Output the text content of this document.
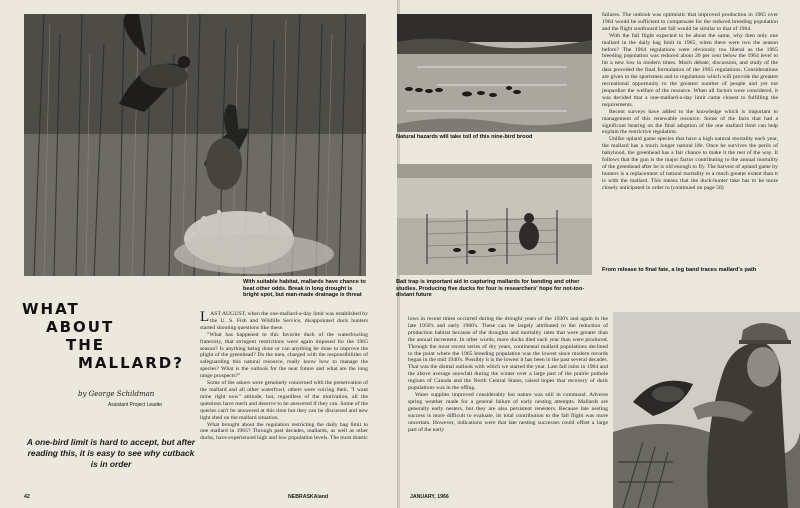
With suitable habitat, mallards have chance to beat other odds. Break in long drought is bright spot, but man-made drainage is threat
WHAT
ABOUT
THE
MALLARD?
by George Schildman
Assistant Project Leader
A one-bird limit is hard to accept, but after reading this, it is easy to see why cutback is in order

LAST AUGUST, when the one-mallard-a-day limit was established by the U. S. Fish and Wildlife Service, disappointed duck hunters started shooting questions like these.

"What has happened to this favorite duck of the waterfowling fraternity, that stringent restrictions were again imposed for the 1965 season? Is anything being done or can anything be done to improve the plight of the greenhead? Do the men, charged with the responsibilities of safeguarding this natural resource, really know how to manage the species? What is the outlook for the near future and what are the long range prospects?"

Some of the askers were genuinely concerned with the preservation of the mallard and all other waterfowl, others were voicing their, "I want mine right now" attitude, but, regardless of the motivation, all the questions have merit and deserve to be answered if they can. Some of the queries can't be answered at this time but they can be discussed and new light shed on the mallard situation.

What brought about the regulation restricting the daily bag limit to one mallard in 1965? Through past decades, mallards, as well as other ducks, have experienced high and low population levels. The most drastic

42	NEBRASKAland
Natural hazards will take toll of this nine-bird brood
Bait trap is important aid in capturing mallards for banding and other studies. Producing five ducks for four is researchers' hope for not-too-distant future

failures. The outlook was optimistic that improved production in 1965 over 1964 would be sufficient to compensate for the reduced breeding population and the flight southward last fall would be similar to that of 1964.

With the fall flight expected to be about the same, why then only one mallard in the daily bag limit in 1965, when there were two the season before? The 1964 regulations were obviously too liberal as the 1965 breeding population was reduced about 20 per cent below the 1964 level to hit a new low in modern times. Much debate, discussion, and study of the data preceded the final formulation of the 1965 regulations. Considerations are given to the sportsmen and to regulations which will provide the greatest recreational opportunity to the greatest number of people and yet not jeopardize the welfare of the resource. When all factors were considered, it was decided that a one-mallard-a-day limit came closest to fulfilling the requirements.

Recent surveys have added to the knowledge which is important to management of this renewable resource. Some of the facts that had a significant bearing on the final adoption of the one mallard limit can help explain the restrictive regulation.

Unlike upland game species that have a high natural mortality each year, the mallard has a much longer natural life. Once he survives the perils of babyhood, the greenhead has a fair chance to make it the rest of the way. It follows that the gun is the major factor contributing to the annual mortality of the greenhead after he is old enough to fly. The harvest of upland game by hunters is a replacement of natural mortality to a much greater extent than it is with the mallard. This means that the duck-hunter take has to be more closely anticipated in order to (continued on page 50)

From release to final fate, a leg band traces mallard's path

lows in recent times occurred during the drought years of the 1930's and again in the late 1950's and early 1960's. These can be largely attributed to the reduction of production habitat because of the droughts and mortality rates that were greater than the annual increment. In other words, more ducks died each year than were produced. Through the most recent series of dry years, continental mallard populations declined to the point where the 1965 breeding population was the lowest since modern records began in the mid 1940's. Possibly it is the lowest it has been in the past several decades. That was the dismal outlook with which we started the year. Late fall rains in 1964 and the above average snowfall during the winter over a large part of the prairie pothole regions of Canada and the North Central States, raised hopes that recovery of duck populations was in the offing.

Water supplies improved considerably but nature was still in command. Adverse spring weather made for a general failure of early nesting attempts. Mallards are generally early nesters, but they are also persistent renesters. Because late nesting success is more difficult to evaluate, its total contribution to the fall flight was more uncertain. However, indications were that late nesting successes could offset a large part of the early

JANUARY, 1966
